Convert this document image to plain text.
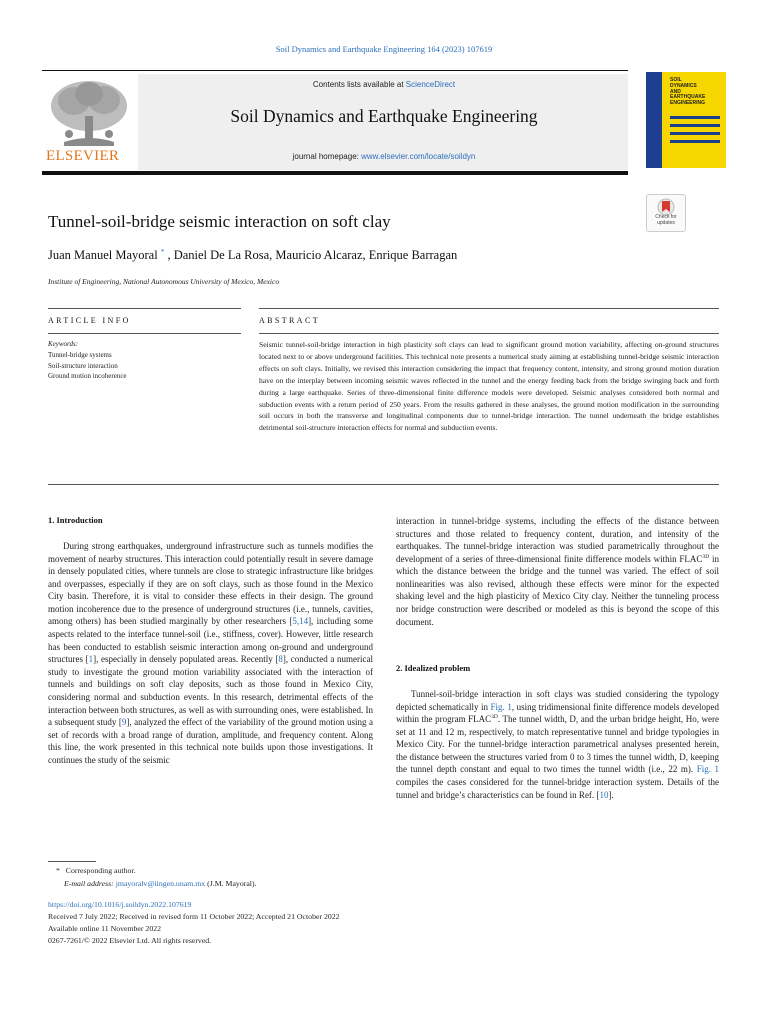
Soil Dynamics and Earthquake Engineering 164 (2023) 107619
ELSEVIER
Contents lists available at ScienceDirect
Soil Dynamics and Earthquake Engineering
journal homepage: www.elsevier.com/locate/soildyn
SOIL
DYNAMICS
AND
EARTHQUAKE
ENGINEERING
Check for
updates
Tunnel-soil-bridge seismic interaction on soft clay
Juan Manuel Mayoral * , Daniel De La Rosa, Mauricio Alcaraz, Enrique Barragan
Institute of Engineering, National Autonomous University of Mexico, Mexico
ARTICLE INFO	ABSTRACT
Keywords:
Tunnel-bridge systems
Soil-structure interaction
Ground motion incoherence
Seismic tunnel-soil-bridge interaction in high plasticity soft clays can lead to significant ground motion variability, affecting on-ground structures located next to or above underground facilities. This technical note presents a numerical study aiming at establishing tunnel-bridge seismic interaction effects on soft clays. Initially, we revised this interaction considering the impact that frequency content, intensity, and strong ground motion duration have on the interplay between incoming seismic waves reflected in the tunnel and the energy feeding back from the bridge swinging back and forth during a large earthquake. Series of three-dimensional finite difference models were developed. Seismic analyses considered both normal and subduction events with a return period of 250 years. From the results gathered in these analyses, the ground motion modification in the surrounding soil occurs in both the transverse and longitudinal components due to tunnel-bridge interaction. The tunnel underneath the bridge establishes detrimental soil-structure interaction effects for normal and subduction events.
1. Introduction
During strong earthquakes, underground infrastructure such as tunnels modifies the movement of nearby structures. This interaction could potentially result in severe damage in densely populated cities, where tunnels are close to strategic infrastructure like bridges and overpasses, especially if they are on soft clays, such as those found in the Mexico City basin. Therefore, it is vital to consider these effects in their design. The ground motion incoherence due to the presence of underground structures (i.e., tunnels, cavities, among others) has been studied marginally by other researchers [5,14], including some aspects related to the interface tunnel-soil (i.e., stiffness, cover). However, little research has been conducted to establish seismic interaction among on-ground and underground structures [1], especially in densely populated areas. Recently [8], conducted a numerical study to investigate the ground motion variability associated with the interaction of tunnels and buildings on soft clay deposits, such as those found in Mexico City, considering normal and subduction events. In this research, detrimental effects of the interaction between both structures, as well as with surrounding ones, were established. In a subsequent study [9], analyzed the effect of the variability of the ground motion using a set of records with a broad range of duration, amplitude, and frequency content. Along this line, the work presented in this technical note builds upon those investigations. It continues the study of the seismic
interaction in tunnel-bridge systems, including the effects of the distance between structures and those related to frequency content, duration, and intensity of the earthquakes. The tunnel-bridge interaction was studied parametrically throughout the development of a series of three-dimensional finite difference models within $FLAC^{3D}$ in which the distance between the bridge and the tunnel was varied. The effect of soil nonlinearities was also revised, although these effects were minor for the expected shaking level and the high plasticity of Mexico City clay. Neither the tunneling process nor bridge construction were described or modeled as this is beyond the scope of this document.
2. Idealized problem
Tunnel-soil-bridge interaction in soft clays was studied considering the typology depicted schematically in Fig. 1, using tridimensional finite difference models developed within the program $FLAC^{3D}$. The tunnel width, D, and the urban bridge height, Ho, were set at 11 and 12 m, respectively, to match representative tunnel and bridge typologies in Mexico City. For the tunnel-bridge interaction parametrical analyses presented herein, the distance between the structures varied from 0 to 3 times the tunnel width, D, keeping the tunnel depth constant and equal to two times the tunnel width (i.e., 22 m). Fig. 1 compiles the cases considered for the tunnel-bridge interaction system. Details of the tunnel and bridge’s characteristics can be found in Ref. [10].
* Corresponding author.
E-mail address: jmayoralv@iingen.unam.mx (J.M. Mayoral).
https://doi.org/10.1016/j.soildyn.2022.107619
Received 7 July 2022; Received in revised form 11 October 2022; Accepted 21 October 2022
Available online 11 November 2022
0267-7261/© 2022 Elsevier Ltd. All rights reserved.
